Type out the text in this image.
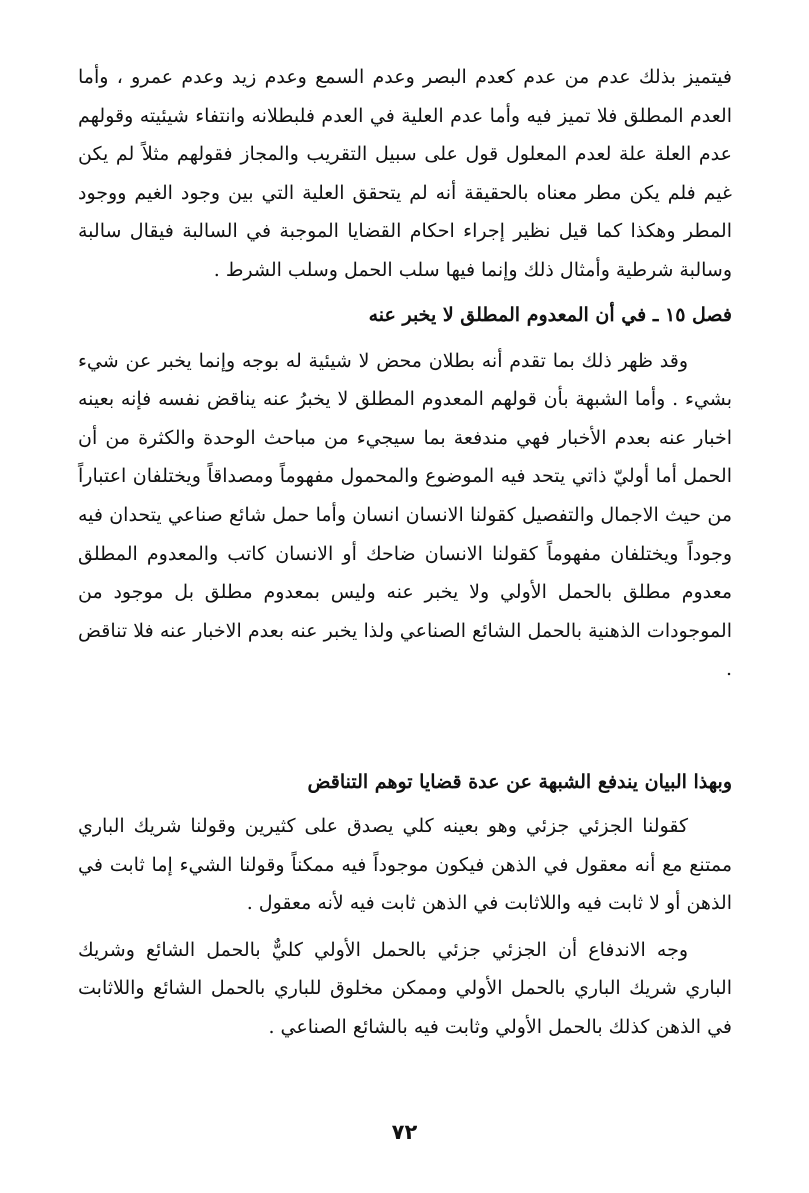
فيتميز بذلك عدم من عدم كعدم البصر وعدم السمع وعدم زيد وعدم عمرو ، وأما العدم المطلق فلا تميز فيه وأما عدم العلية في العدم فلبطلانه وانتفاء شيئيته وقولهم عدم العلة علة لعدم المعلول قول على سبيل التقريب والمجاز فقولهم مثلاً لم يكن غيم فلم يكن مطر معناه بالحقيقة أنه لم يتحقق العلية التي بين وجود الغيم ووجود المطر وهكذا كما قيل نظير إجراء احكام القضايا الموجبة في السالبة فيقال سالبة وسالبة شرطية وأمثال ذلك وإنما فيها سلب الحمل وسلب الشرط .

فصل ١٥ ـ في أن المعدوم المطلق لا يخبر عنه

وقد ظهر ذلك بما تقدم أنه بطلان محض لا شيئية له بوجه وإنما يخبر عن شيء بشيء . وأما الشبهة بأن قولهم المعدوم المطلق لا يخبرُ عنه يناقض نفسه فإنه بعينه اخبار عنه بعدم الأخبار فهي مندفعة بما سيجيء من مباحث الوحدة والكثرة من أن الحمل أما أوليّ ذاتي يتحد فيه الموضوع والمحمول مفهوماً ومصداقاً ويختلفان اعتباراً من حيث الاجمال والتفصيل كقولنا الانسان انسان وأما حمل شائع صناعي يتحدان فيه وجوداً ويختلفان مفهوماً كقولنا الانسان ضاحك أو الانسان كاتب والمعدوم المطلق معدوم مطلق بالحمل الأولي ولا يخبر عنه وليس بمعدوم مطلق بل موجود من الموجودات الذهنية بالحمل الشائع الصناعي ولذا يخبر عنه بعدم الاخبار عنه فلا تناقض .

وبهذا البيان يندفع الشبهة عن عدة قضايا توهم التناقض

كقولنا الجزئي جزئي وهو بعينه كلي يصدق على كثيرين وقولنا شريك الباري ممتنع مع أنه معقول في الذهن فيكون موجوداً فيه ممكناً وقولنا الشيء إما ثابت في الذهن أو لا ثابت فيه واللاثابت في الذهن ثابت فيه لأنه معقول .

وجه الاندفاع أن الجزئي جزئي بالحمل الأولي كليٌّ بالحمل الشائع وشريك الباري شريك الباري بالحمل الأولي وممكن مخلوق للباري بالحمل الشائع واللاثابت في الذهن كذلك بالحمل الأولي وثابت فيه بالشائع الصناعي .

٧٢
